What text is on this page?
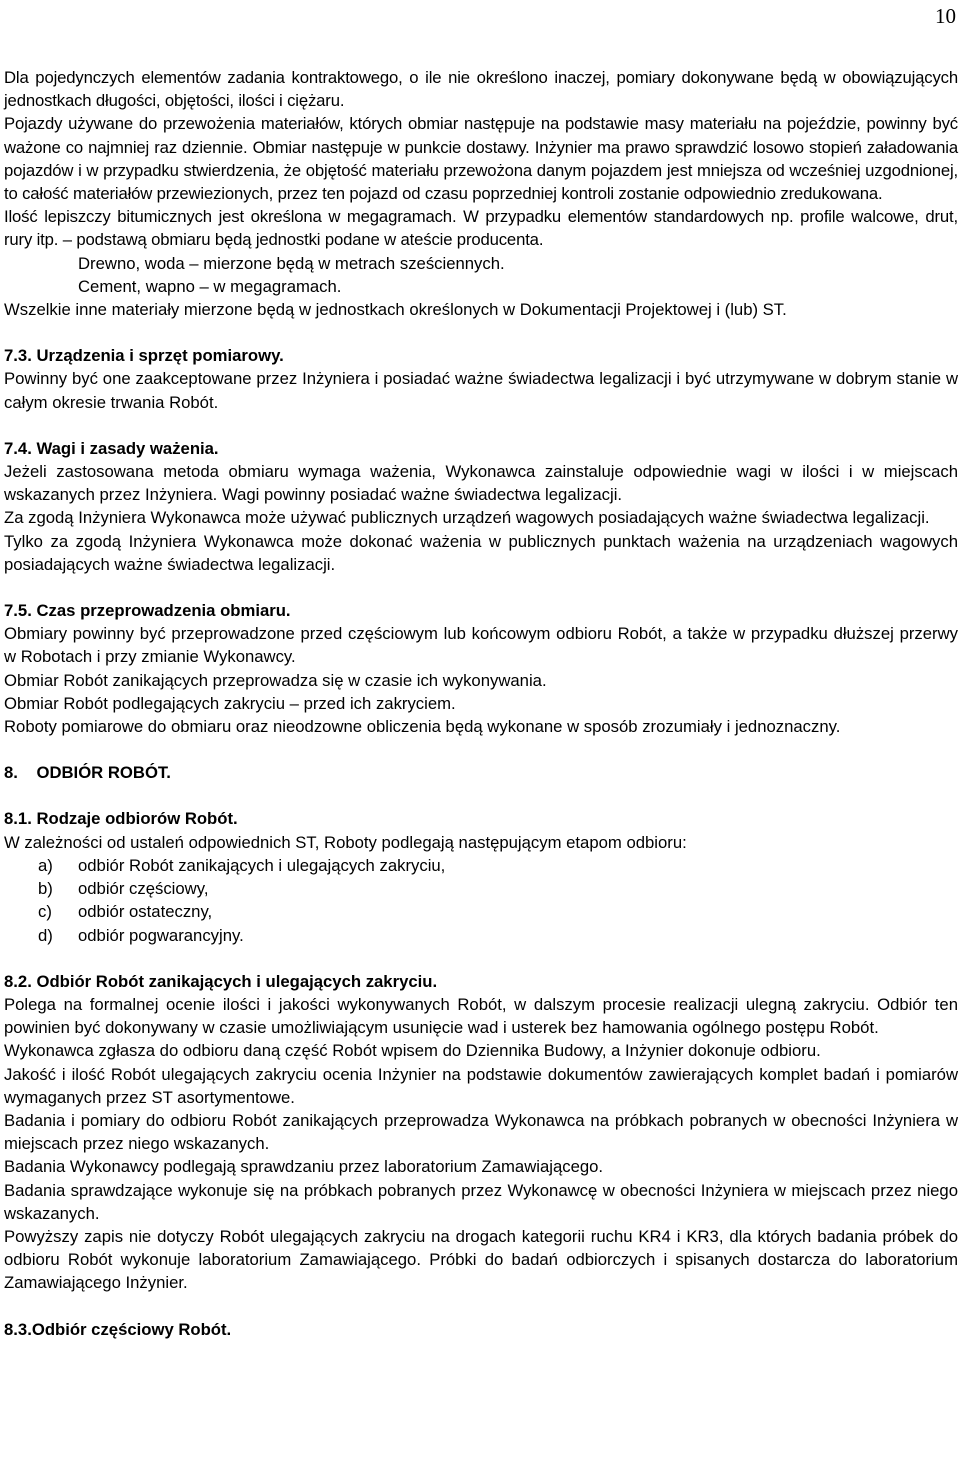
10

Dla pojedynczych elementów zadania kontraktowego, o ile nie określono inaczej, pomiary dokonywane będą w obowiązujących jednostkach długości, objętości, ilości i ciężaru.

Pojazdy używane do przewożenia materiałów, których obmiar następuje na podstawie masy materiału na pojeździe, powinny być ważone co najmniej raz dziennie. Obmiar następuje w punkcie dostawy. Inżynier ma prawo sprawdzić losowo stopień załadowania pojazdów i w przypadku stwierdzenia, że objętość materiału przewożona danym pojazdem jest mniejsza od wcześniej uzgodnionej, to całość materiałów przewiezionych, przez ten pojazd od czasu poprzedniej kontroli zostanie odpowiednio zredukowana.

Ilość lepiszczy bitumicznych jest określona w megagramach. W przypadku elementów standardowych np. profile walcowe, drut, rury itp. – podstawą obmiaru będą jednostki podane w ateście producenta.

Drewno, woda – mierzone będą w metrach sześciennych.

Cement, wapno – w megagramach.

Wszelkie inne materiały mierzone będą w jednostkach określonych w Dokumentacji Projektowej i (lub) ST.

7.3. Urządzenia i sprzęt pomiarowy.

Powinny być one zaakceptowane przez Inżyniera i posiadać ważne świadectwa legalizacji i być utrzymywane w dobrym stanie w całym okresie trwania Robót.

7.4. Wagi i zasady ważenia.

Jeżeli zastosowana metoda obmiaru wymaga ważenia, Wykonawca zainstaluje odpowiednie wagi w ilości i w miejscach wskazanych przez Inżyniera. Wagi powinny posiadać ważne świadectwa legalizacji.

Za zgodą Inżyniera Wykonawca może używać publicznych urządzeń wagowych posiadających ważne świadectwa legalizacji.

Tylko za zgodą Inżyniera Wykonawca może dokonać ważenia w publicznych punktach ważenia na urządzeniach wagowych posiadających ważne świadectwa legalizacji.

7.5. Czas przeprowadzenia obmiaru.

Obmiary powinny być przeprowadzone przed częściowym lub końcowym odbioru Robót, a także w przypadku dłuższej przerwy w Robotach i przy zmianie Wykonawcy.

Obmiar Robót zanikających przeprowadza się w czasie ich wykonywania.

Obmiar Robót podlegających zakryciu – przed ich zakryciem.

Roboty pomiarowe do obmiaru oraz nieodzowne obliczenia będą wykonane w sposób zrozumiały i jednoznaczny.

8. ODBIÓR ROBÓT.

8.1. Rodzaje odbiorów Robót.

W zależności od ustaleń odpowiednich ST, Roboty podlegają następującym etapom odbioru:

a) odbiór Robót zanikających i ulegających zakryciu,
b) odbiór częściowy,
c) odbiór ostateczny,
d) odbiór pogwarancyjny.

8.2. Odbiór Robót zanikających i ulegających zakryciu.

Polega na formalnej ocenie ilości i jakości wykonywanych Robót, w dalszym procesie realizacji ulegną zakryciu. Odbiór ten powinien być dokonywany w czasie umożliwiającym usunięcie wad i usterek bez hamowania ogólnego postępu Robót.

Wykonawca zgłasza do odbioru daną część Robót wpisem do Dziennika Budowy, a Inżynier dokonuje odbioru.

Jakość i ilość Robót ulegających zakryciu ocenia Inżynier na podstawie dokumentów zawierających komplet badań i pomiarów wymaganych przez ST asortymentowe.

Badania i pomiary do odbioru Robót zanikających przeprowadza Wykonawca na próbkach pobranych w obecności Inżyniera w miejscach przez niego wskazanych.

Badania Wykonawcy podlegają sprawdzaniu przez laboratorium Zamawiającego.

Badania sprawdzające wykonuje się na próbkach pobranych przez Wykonawcę w obecności Inżyniera w miejscach przez niego wskazanych.

Powyższy zapis nie dotyczy Robót ulegających zakryciu na drogach kategorii ruchu KR4 i KR3, dla których badania próbek do odbioru Robót wykonuje laboratorium Zamawiającego. Próbki do badań odbiorczych i spisanych dostarcza do laboratorium Zamawiającego Inżynier.

8.3.Odbiór częściowy Robót.
